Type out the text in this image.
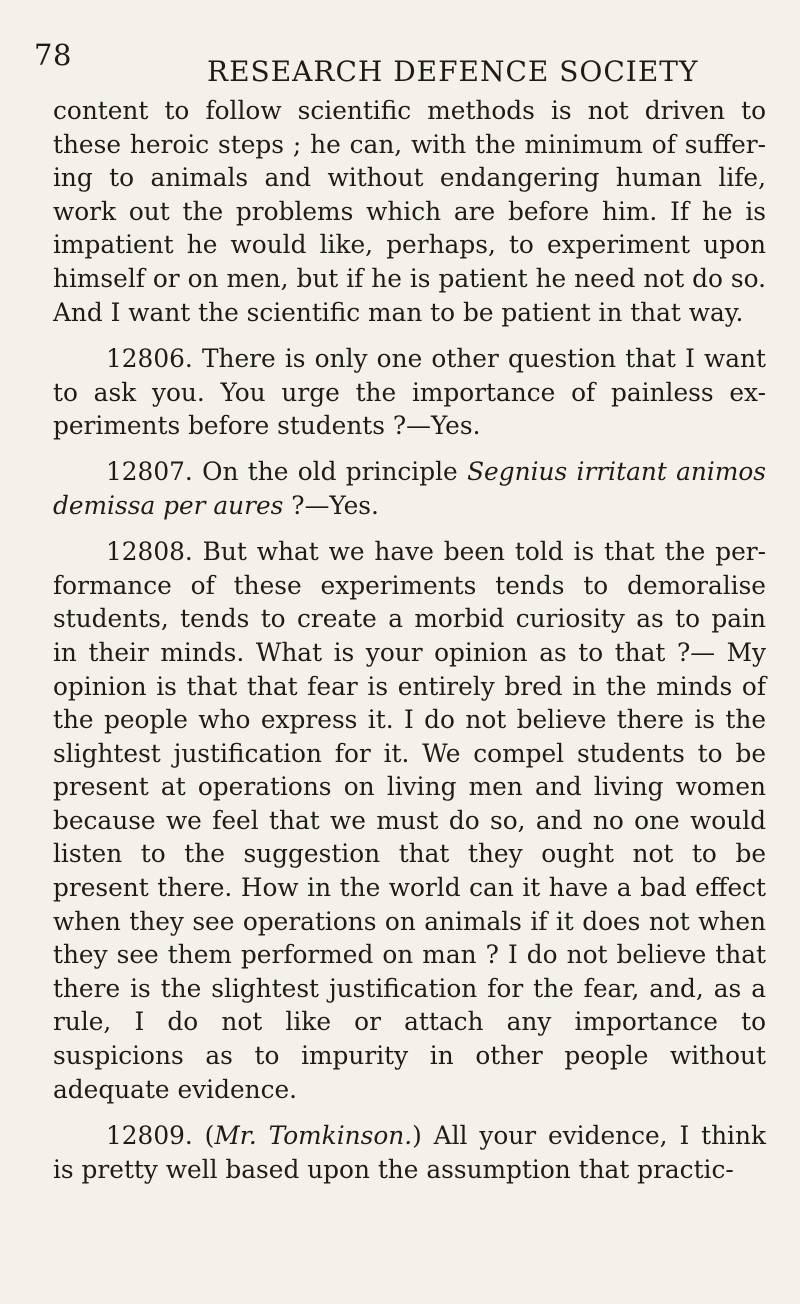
78	RESEARCH DEFENCE SOCIETY

content to follow scientific methods is not driven to these heroic steps ; he can, with the minimum of suffer-ing to animals and without endangering human life, work out the problems which are before him. If he is impatient he would like, perhaps, to experiment upon himself or on men, but if he is patient he need not do so. And I want the scientific man to be patient in that way.

12806. There is only one other question that I want to ask you. You urge the importance of painless ex-periments before students ?—Yes.

12807. On the old principle Segnius irritant animos demissa per aures ?—Yes.

12808. But what we have been told is that the per-formance of these experiments tends to demoralise students, tends to create a morbid curiosity as to pain in their minds. What is your opinion as to that ?— My opinion is that that fear is entirely bred in the minds of the people who express it. I do not believe there is the slightest justification for it. We compel students to be present at operations on living men and living women because we feel that we must do so, and no one would listen to the suggestion that they ought not to be present there. How in the world can it have a bad effect when they see operations on animals if it does not when they see them performed on man ? I do not believe that there is the slightest justification for the fear, and, as a rule, I do not like or attach any importance to suspicions as to impurity in other people without adequate evidence.

12809. (Mr. Tomkinson.) All your evidence, I think is pretty well based upon the assumption that practic-
